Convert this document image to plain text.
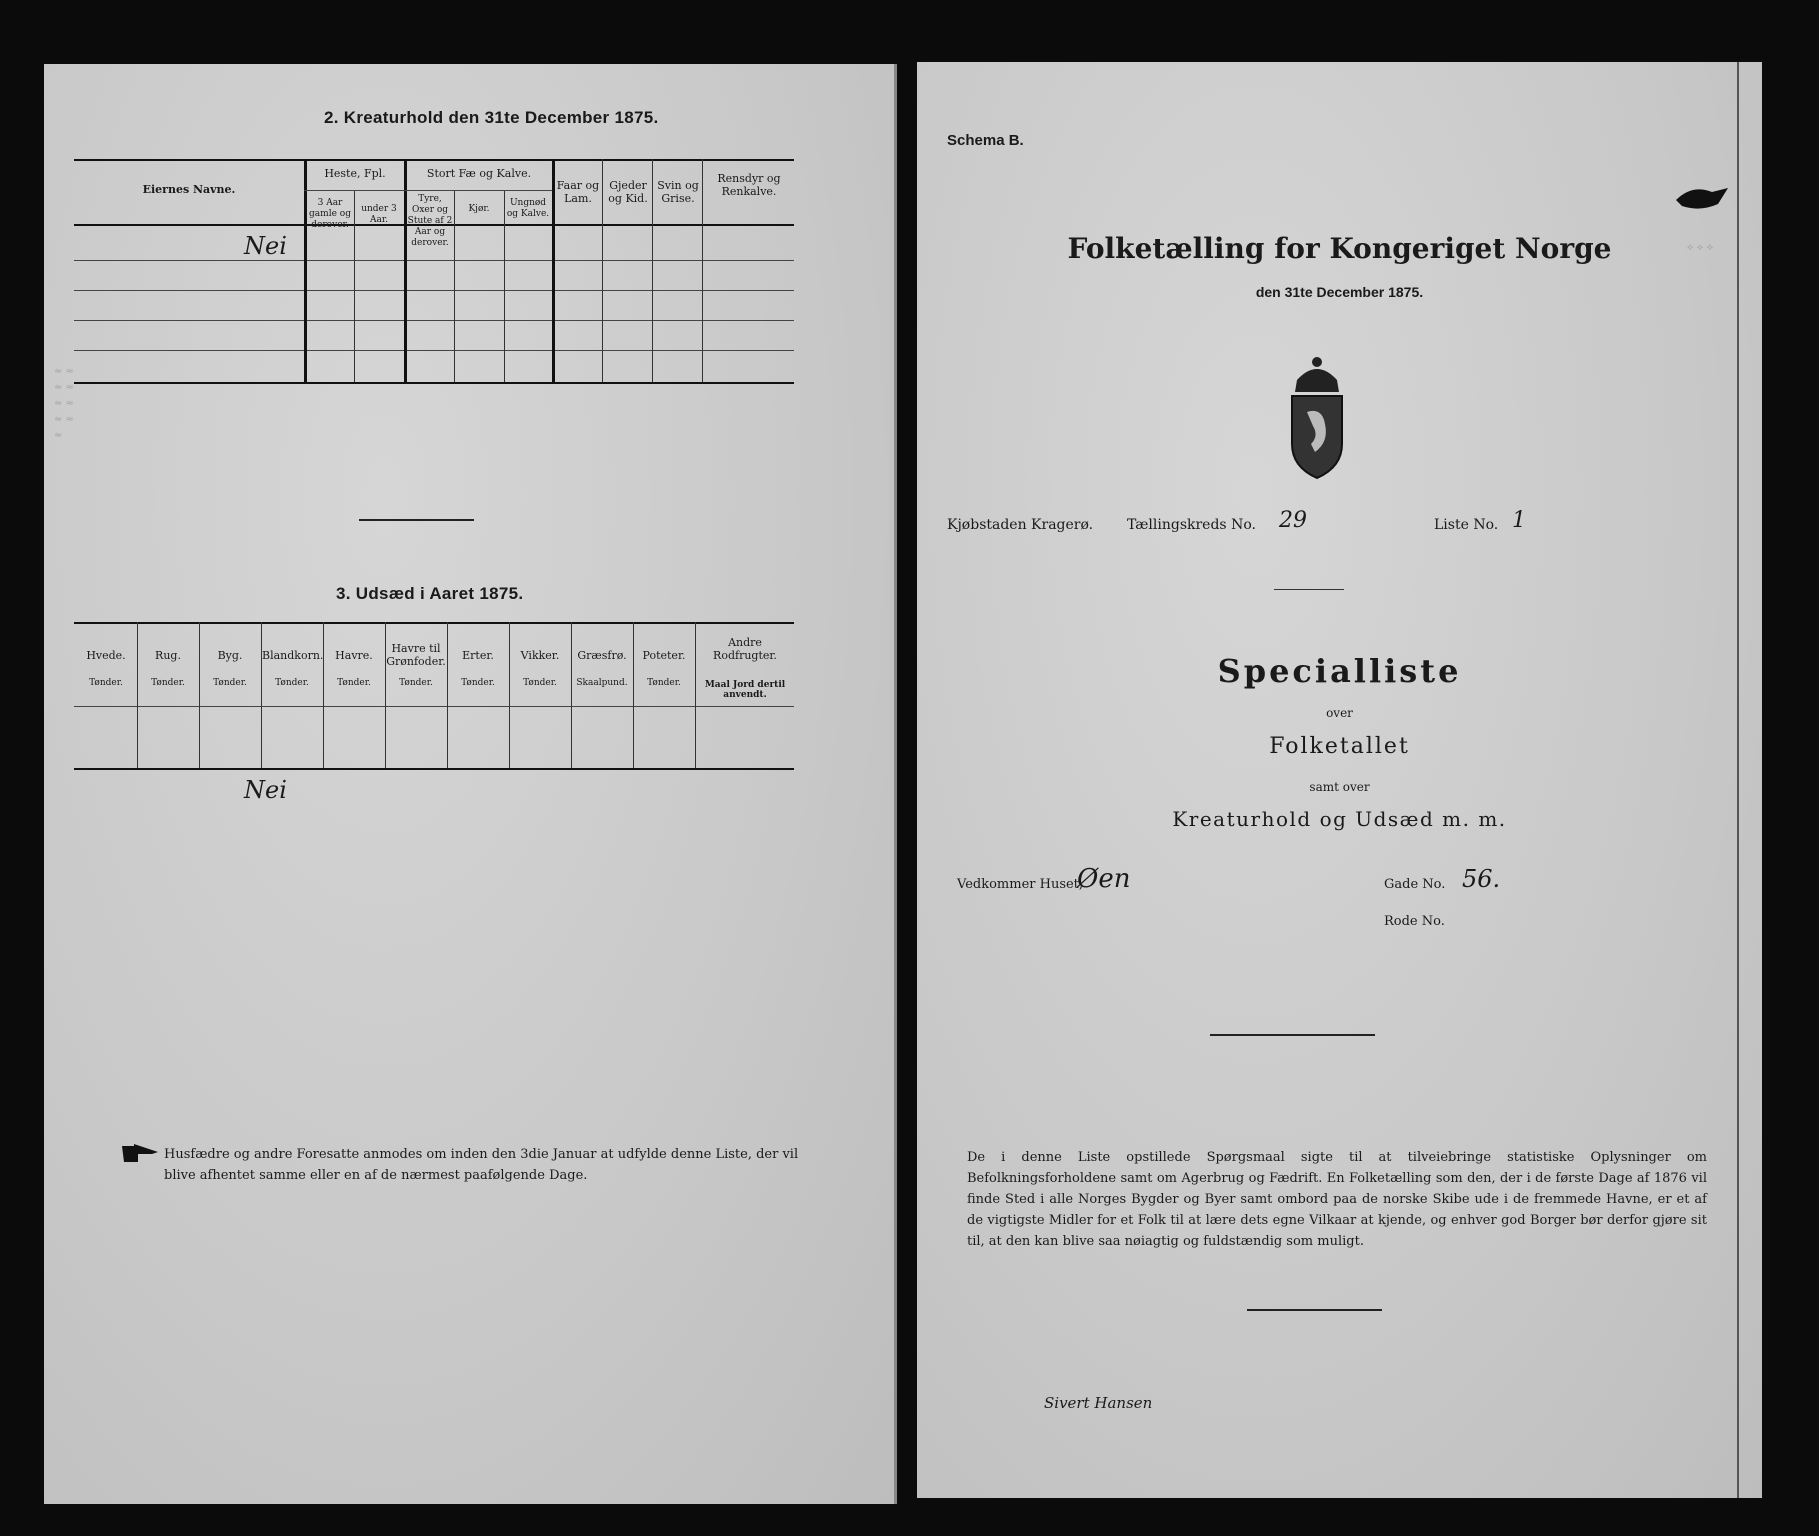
2. Kreaturhold den 31te December 1875.
Eiernes Navne.
Heste, Fpl.
3 Aar gamle og derover.
under 3 Aar.
Stort Fæ og Kalve.
Tyre, Oxer og Stute af 2 Aar og derover.
Kjør.
Ungnød og Kalve.
Faar og Lam.
Gjeder og Kid.
Svin og Grise.
Rensdyr og Renkalve.
Nei
3. Udsæd i Aaret 1875.
Hvede.
Tønder.
Rug.
Tønder.
Byg.
Tønder.
Blandkorn.
Tønder.
Havre.
Tønder.
Havre til Grønfoder.
Tønder.
Erter.
Tønder.
Vikker.
Tønder.
Græsfrø.
Skaalpund.
Poteter.
Tønder.
Andre Rodfrugter.
Maal Jord dertil anvendt.
Nei
Husfædre og andre Foresatte anmodes om inden den 3die Januar at udfylde denne Liste, der vil blive afhentet samme eller en af de nærmest paafølgende Dage.
≈ ≈ ≈ ≈ ≈ ≈ ≈ ≈ ≈
Schema B.
Folketælling for Kongeriget Norge
den 31te December 1875.
Kjøbstaden Kragerø. Tællingskreds No. 29	Liste No. 1
Specialliste
over
Folketallet
samt over
Kreaturhold og Udsæd m. m.
Vedkommer Huset,
Øen	Gade No. 56.
Rode No.
De i denne Liste opstillede Spørgsmaal sigte til at tilveiebringe statistiske Oplysninger om Befolkningsforholdene samt om Agerbrug og Fædrift. En Folketælling som den, der i de første Dage af 1876 vil finde Sted i alle Norges Bygder og Byer samt ombord paa de norske Skibe ude i de fremmede Havne, er et af de vigtigste Midler for et Folk til at lære dets egne Vilkaar at kjende, og enhver god Borger bør derfor gjøre sit til, at den kan blive saa nøiagtig og fuldstændig som muligt.
Sivert Hansen
⟡ ⟡ ⟡
